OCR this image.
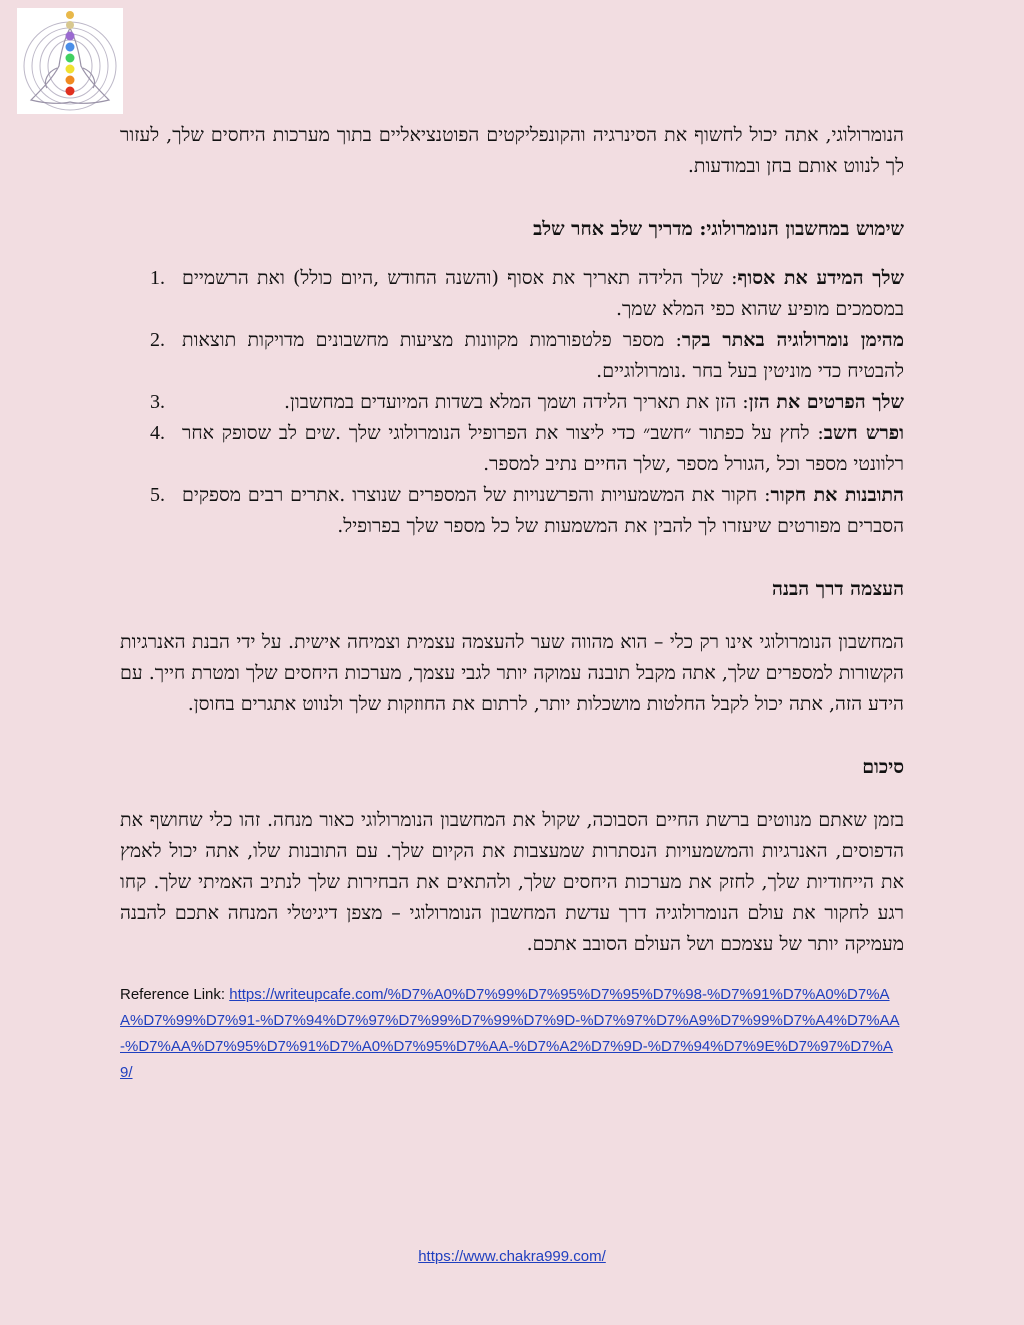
הנומרולוגי, אתה יכול לחשוף את הסינרגיה והקונפליקטים הפוטנציאליים בתוך מערכות היחסים שלך, לעזור לך לנווט אותם בחן ובמודעות.

שימוש במחשבון הנומרולוגי: מדריך שלב אחר שלב
1.	שלך המידע את אסוף: שלך הלידה תאריך את אסוף (והשנה החודש ,היום כולל) ואת הרשמיים במסמכים מופיע שהוא כפי המלא שמך.
2.	מהימן נומרולוגיה באתר בקר: מספר פלטפורמות מקוונות מציעות מחשבונים מדויקות תוצאות להבטיח כדי מוניטין בעל בחר .נומרולוגיים.
3.	שלך הפרטים את הזן: הזן את תאריך הלידה ושמך המלא בשדות המיועדים במחשבון.
4.	ופרש חשב: לחץ על כפתור ״חשב״ כדי ליצור את הפרופיל הנומרולוגי שלך .שים לב שסופק אחר רלוונטי מספר וכל ,הגורל מספר ,שלך החיים נתיב למספר.
5.	התובנות את חקור: חקור את המשמעויות והפרשנויות של המספרים שנוצרו .אתרים רבים מספקים הסברים מפורטים שיעזרו לך להבין את המשמעות של כל מספר שלך בפרופיל.
העצמה דרך הבנה

המחשבון הנומרולוגי אינו רק כלי – הוא מהווה שער להעצמה עצמית וצמיחה אישית. על ידי הבנת האנרגיות הקשורות למספרים שלך, אתה מקבל תובנה עמוקה יותר לגבי עצמך, מערכות היחסים שלך ומטרת חייך. עם הידע הזה, אתה יכול לקבל החלטות מושכלות יותר, לרתום את החוזקות שלך ולנווט אתגרים בחוסן.

סיכום

בזמן שאתם מנווטים ברשת החיים הסבוכה, שקול את המחשבון הנומרולוגי כאור מנחה. זהו כלי שחושף את הדפוסים, האנרגיות והמשמעויות הנסתרות שמעצבות את הקיום שלך. עם התובנות שלו, אתה יכול לאמץ את הייחודיות שלך, לחזק את מערכות היחסים שלך, ולהתאים את הבחירות שלך לנתיב האמיתי שלך. קחו רגע לחקור את עולם הנומרולוגיה דרך עדשת המחשבון הנומרולוגי – מצפן דיגיטלי המנחה אתכם להבנה מעמיקה יותר של עצמכם ושל העולם הסובב אתכם.

Reference Link: https://writeupcafe.com/%D7%A0%D7%99%D7%95%D7%95%D7%98-%D7%91%D7%A0%D7%AA%D7%99%D7%91-%D7%94%D7%97%D7%99%D7%99%D7%9D-%D7%97%D7%A9%D7%99%D7%A4%D7%AA-%D7%AA%D7%95%D7%91%D7%A0%D7%95%D7%AA-%D7%A2%D7%9D-%D7%94%D7%9E%D7%97%D7%A9/
https://www.chakra999.com/
